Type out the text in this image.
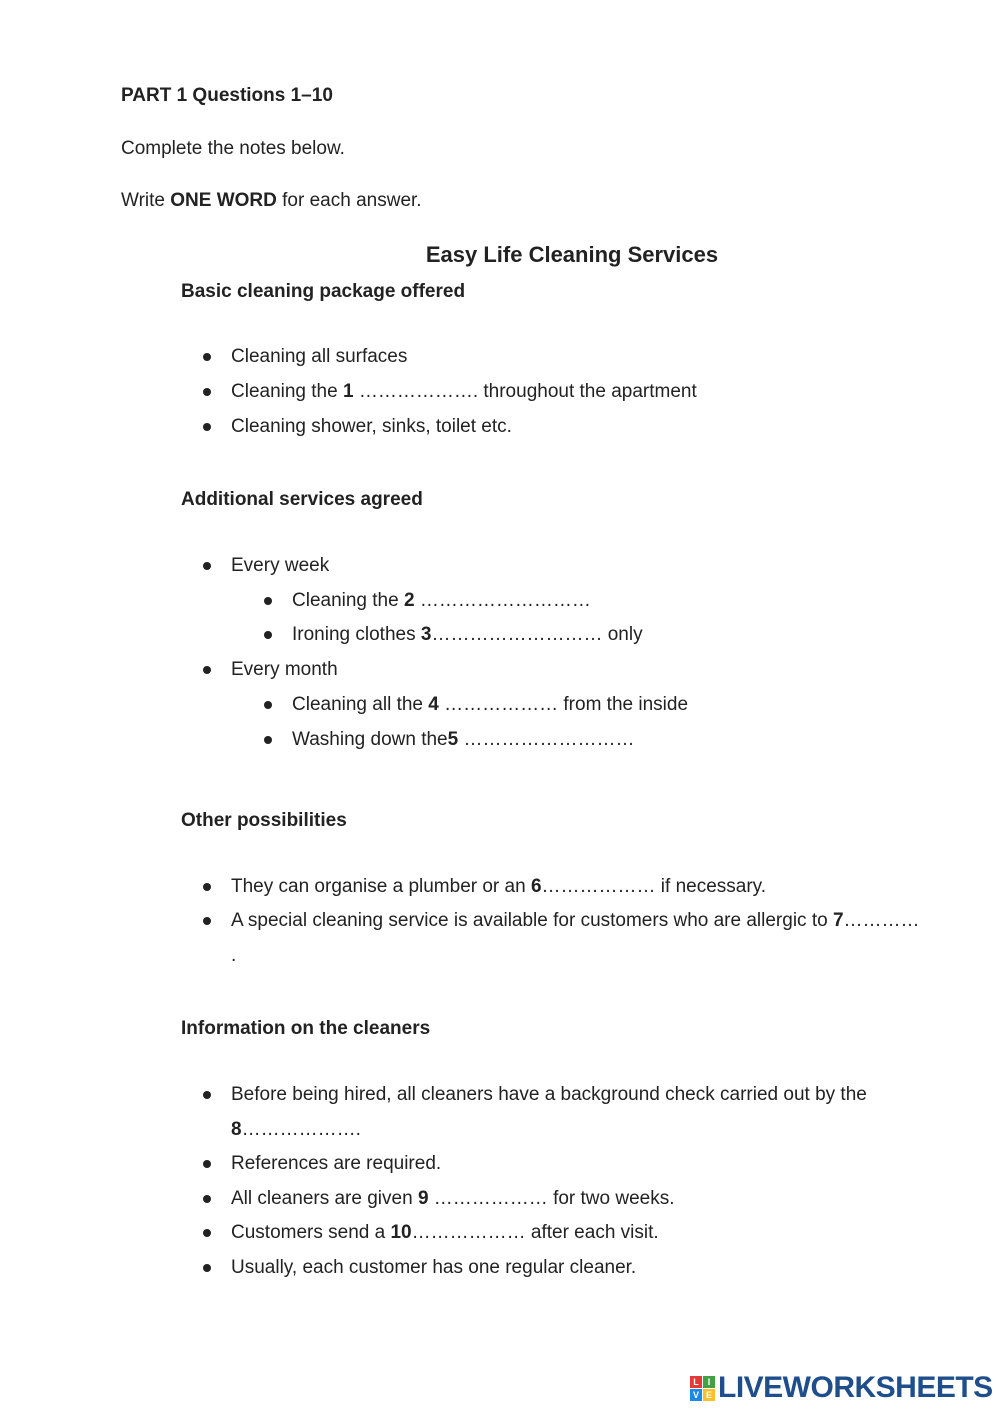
PART 1 Questions 1–10
Complete the notes below.
Write ONE WORD for each answer.
Easy Life Cleaning Services
Basic cleaning package offered
Cleaning all surfaces
Cleaning the 1 ………………. throughout the apartment
Cleaning shower, sinks, toilet etc.
Additional services agreed
Every week
Cleaning the 2 ………………………
Ironing clothes 3……………………… only
Every month
Cleaning all the 4 ……………… from the inside
Washing down the5 ………………………
Other possibilities
They can organise a plumber or an 6……………… if necessary.
A special cleaning service is available for customers who are allergic to 7…………
.
Information on the cleaners
Before being hired, all cleaners have a background check carried out by the
8……………….
References are required.
All cleaners are given 9 ……………… for two weeks.
Customers send a 10……………… after each visit.
Usually, each customer has one regular cleaner.
L I
V E LIVEWORKSHEETS
